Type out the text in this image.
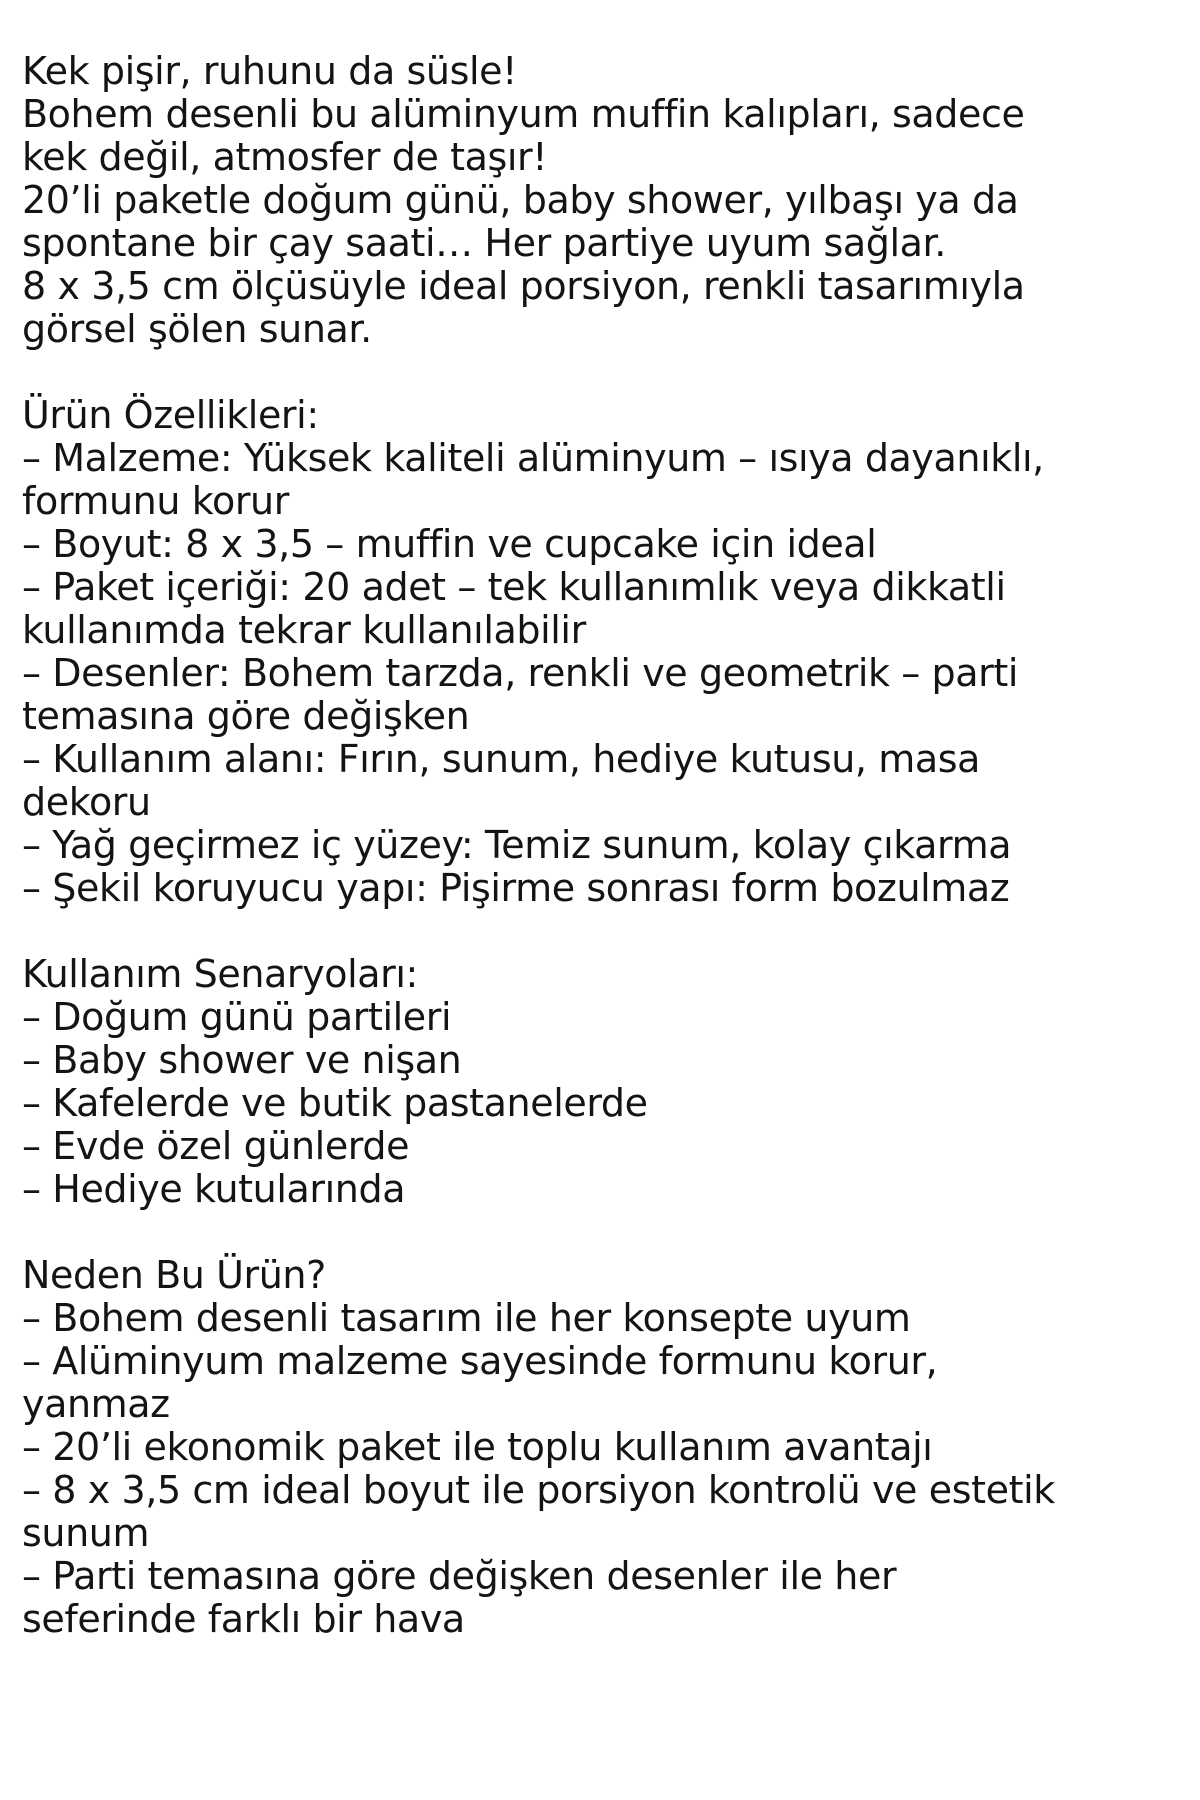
Kek pişir, ruhunu da süsle!
Bohem desenli bu alüminyum muffin kalıpları, sadece
kek değil, atmosfer de taşır!
20’li paketle doğum günü, baby shower, yılbaşı ya da
spontane bir çay saati… Her partiye uyum sağlar.
8 x 3,5 cm ölçüsüyle ideal porsiyon, renkli tasarımıyla
görsel şölen sunar.
Ürün Özellikleri:
– Malzeme: Yüksek kaliteli alüminyum – ısıya dayanıklı,
formunu korur
– Boyut: 8 x 3,5 – muffin ve cupcake için ideal
– Paket içeriği: 20 adet – tek kullanımlık veya dikkatli
kullanımda tekrar kullanılabilir
– Desenler: Bohem tarzda, renkli ve geometrik – parti
temasına göre değişken
– Kullanım alanı: Fırın, sunum, hediye kutusu, masa
dekoru
– Yağ geçirmez iç yüzey: Temiz sunum, kolay çıkarma
– Şekil koruyucu yapı: Pişirme sonrası form bozulmaz
Kullanım Senaryoları:
– Doğum günü partileri
– Baby shower ve nişan
– Kafelerde ve butik pastanelerde
– Evde özel günlerde
– Hediye kutularında
Neden Bu Ürün?
– Bohem desenli tasarım ile her konsepte uyum
– Alüminyum malzeme sayesinde formunu korur,
yanmaz
– 20’li ekonomik paket ile toplu kullanım avantajı
– 8 x 3,5 cm ideal boyut ile porsiyon kontrolü ve estetik
sunum
– Parti temasına göre değişken desenler ile her
seferinde farklı bir hava
